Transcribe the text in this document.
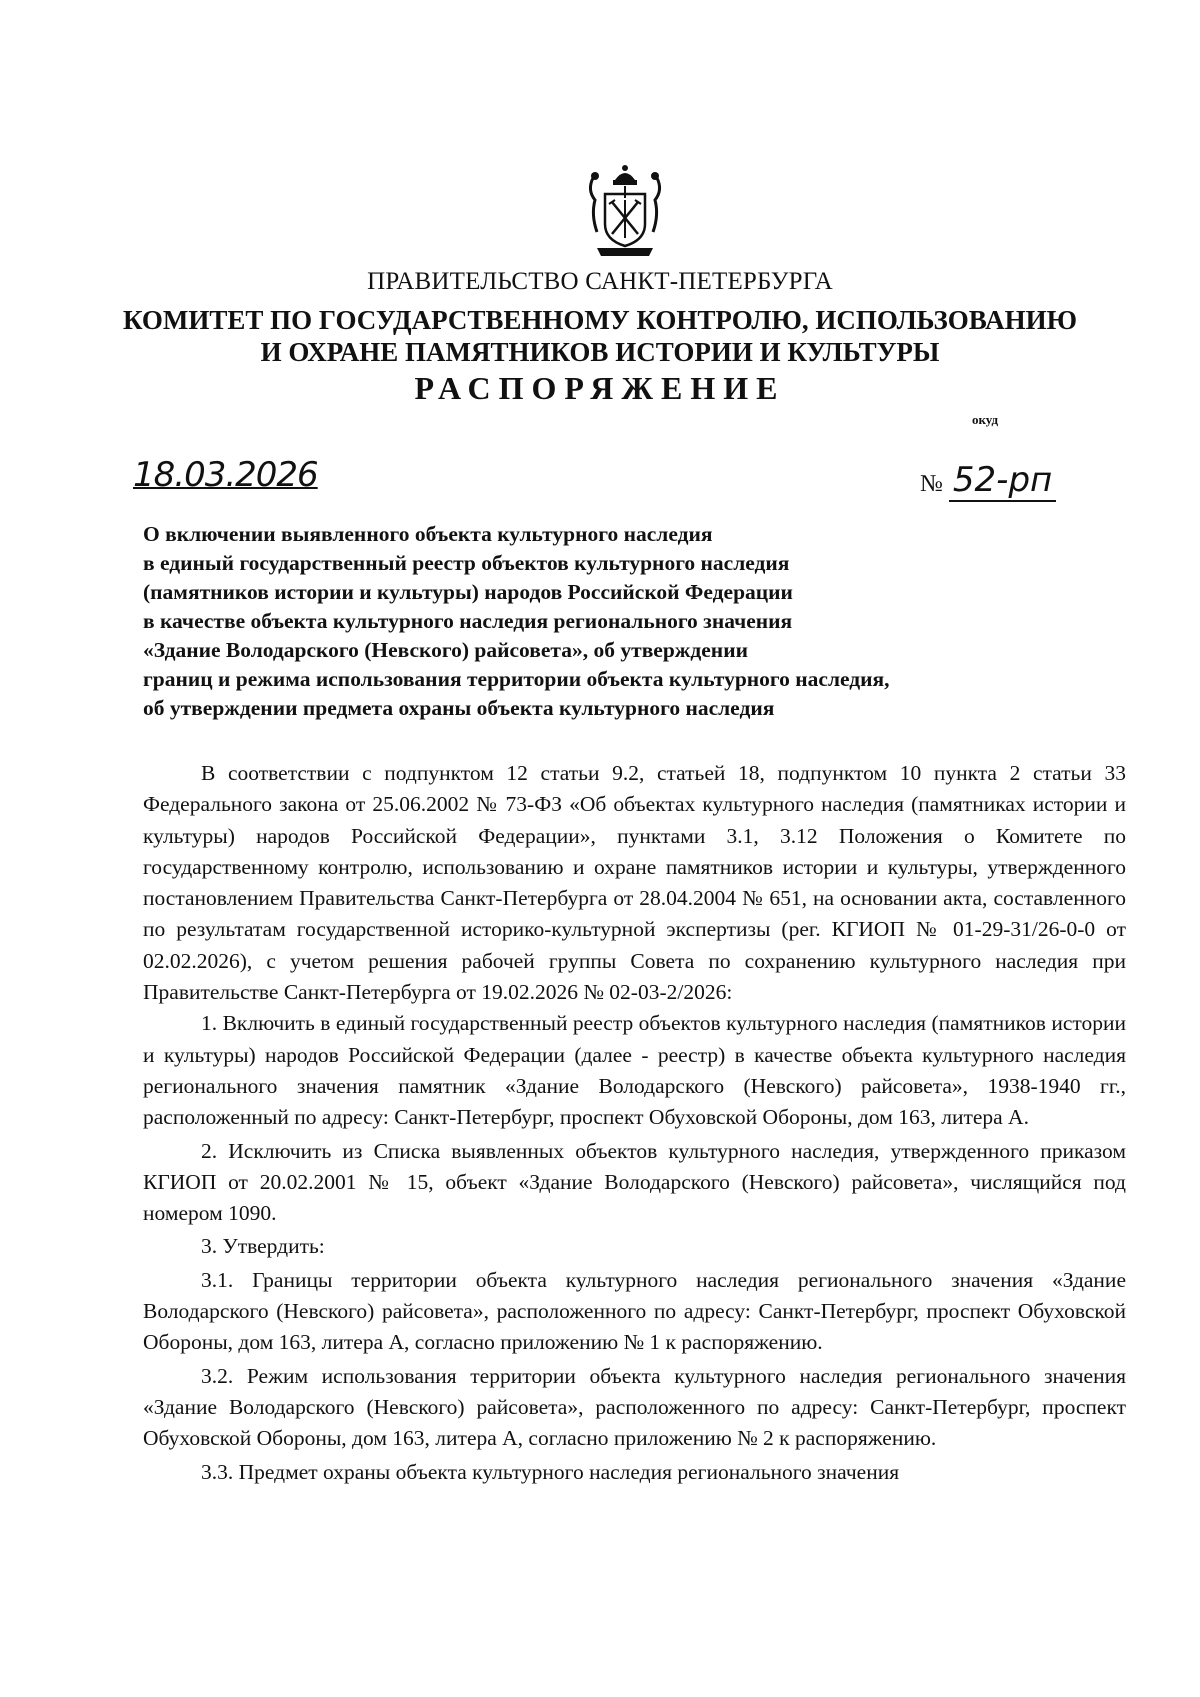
ПРАВИТЕЛЬСТВО САНКТ-ПЕТЕРБУРГА
КОМИТЕТ ПО ГОСУДАРСТВЕННОМУ КОНТРОЛЮ, ИСПОЛЬЗОВАНИЮ
И ОХРАНЕ ПАМЯТНИКОВ ИСТОРИИ И КУЛЬТУРЫ
РАСПОРЯЖЕНИЕ
окуд
18.03.2026	№ 52-рп
О включении выявленного объекта культурного наследия
в единый государственный реестр объектов культурного наследия
(памятников истории и культуры) народов Российской Федерации
в качестве объекта культурного наследия регионального значения
«Здание Володарского (Невского) райсовета», об утверждении
границ и режима использования территории объекта культурного наследия,
об утверждении предмета охраны объекта культурного наследия

В соответствии с подпунктом 12 статьи 9.2, статьей 18, подпунктом 10 пункта 2 статьи 33 Федерального закона от 25.06.2002 № 73-ФЗ «Об объектах культурного наследия (памятниках истории и культуры) народов Российской Федерации», пунктами 3.1, 3.12 Положения о Комитете по государственному контролю, использованию и охране памятников истории и культуры, утвержденного постановлением Правительства Санкт-Петербурга от 28.04.2004 № 651, на основании акта, составленного по результатам государственной историко-культурной экспертизы (рег. КГИОП № 01-29-31/26-0-0 от 02.02.2026), с учетом решения рабочей группы Совета по сохранению культурного наследия при Правительстве Санкт-Петербурга от 19.02.2026 № 02-03-2/2026:

1. Включить в единый государственный реестр объектов культурного наследия (памятников истории и культуры) народов Российской Федерации (далее - реестр) в качестве объекта культурного наследия регионального значения памятник «Здание Володарского (Невского) райсовета», 1938-1940 гг., расположенный по адресу: Санкт-Петербург, проспект Обуховской Обороны, дом 163, литера А.

2. Исключить из Списка выявленных объектов культурного наследия, утвержденного приказом КГИОП от 20.02.2001 № 15, объект «Здание Володарского (Невского) райсовета», числящийся под номером 1090.

3. Утвердить:

3.1. Границы территории объекта культурного наследия регионального значения «Здание Володарского (Невского) райсовета», расположенного по адресу: Санкт-Петербург, проспект Обуховской Обороны, дом 163, литера А, согласно приложению № 1 к распоряжению.

3.2. Режим использования территории объекта культурного наследия регионального значения «Здание Володарского (Невского) райсовета», расположенного по адресу: Санкт-Петербург, проспект Обуховской Обороны, дом 163, литера А, согласно приложению № 2 к распоряжению.

3.3. Предмет охраны объекта культурного наследия регионального значения
